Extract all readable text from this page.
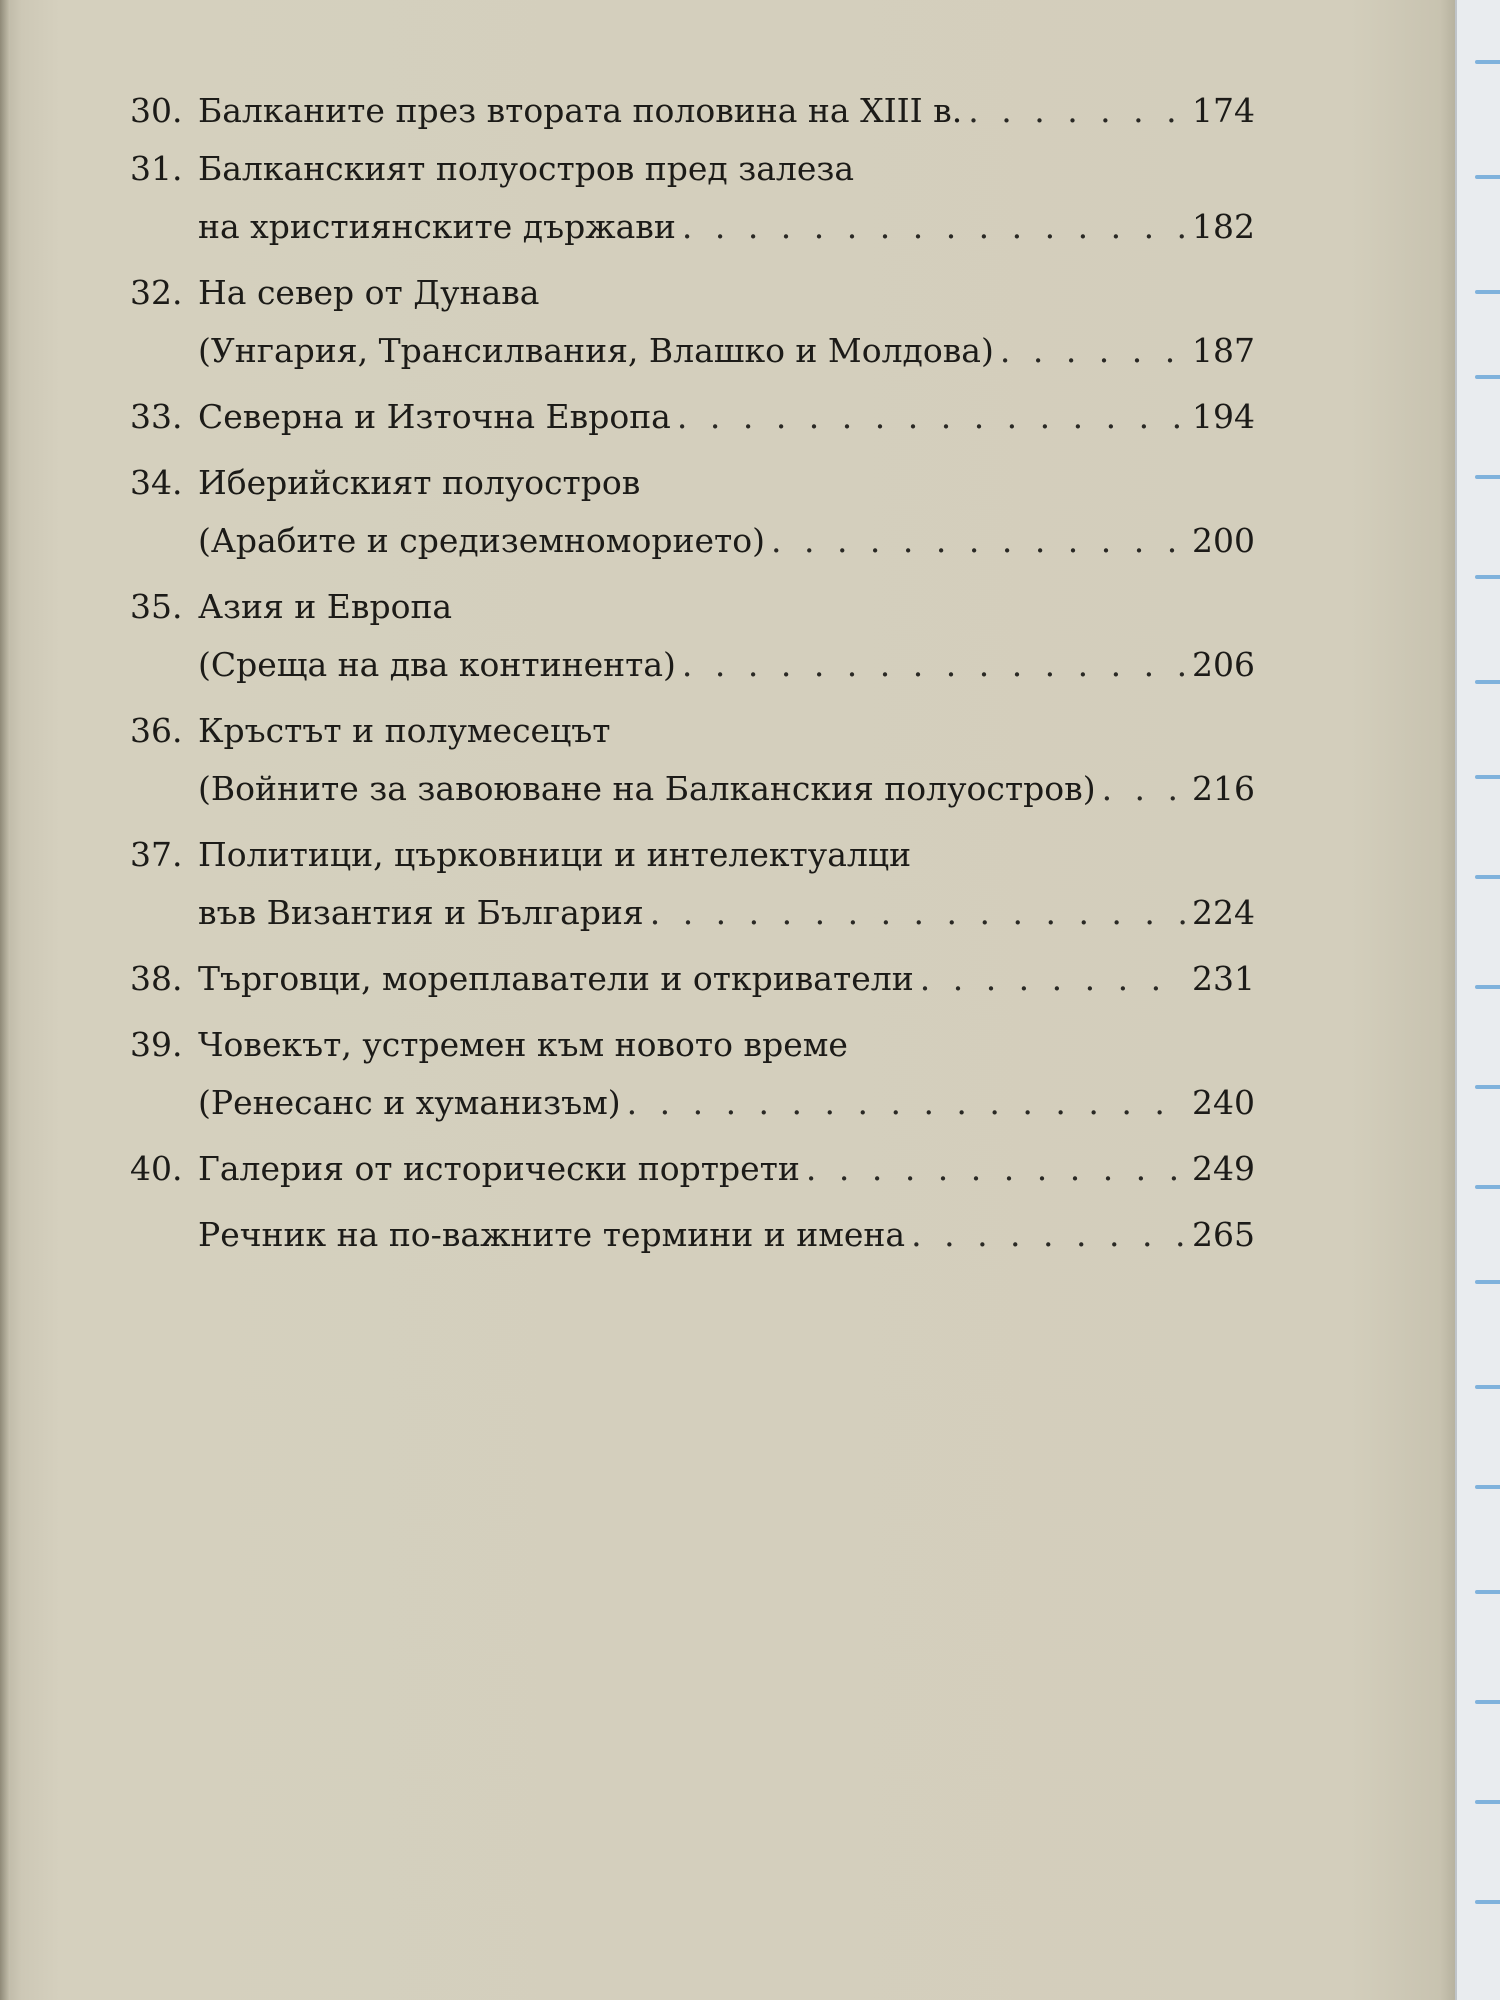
30. Балканите през втората половина на XIII в. . . .	174
31. Балканският полуостров пред залеза
на християнските държави . . .	182
32. На север от Дунава
(Унгария, Трансилвания, Влашко и Молдова) . . .	187
33. Северна и Източна Европа . . .	194
34. Иберийският полуостров
(Арабите и средиземноморието) . . .	200
35. Азия и Европа
(Среща на два континента) . . .	206
36. Кръстът и полумесецът
(Войните за завоюване на Балканския полуостров) . . .	216
37. Политици, църковници и интелектуалци
във Византия и България . . .	224
38. Търговци, мореплаватели и откриватели . . .	231
39. Човекът, устремен към новото време
(Ренесанс и хуманизъм) . . .	240
40. Галерия от исторически портрети . . .	249
Речник на по-важните термини и имена . . .	265
